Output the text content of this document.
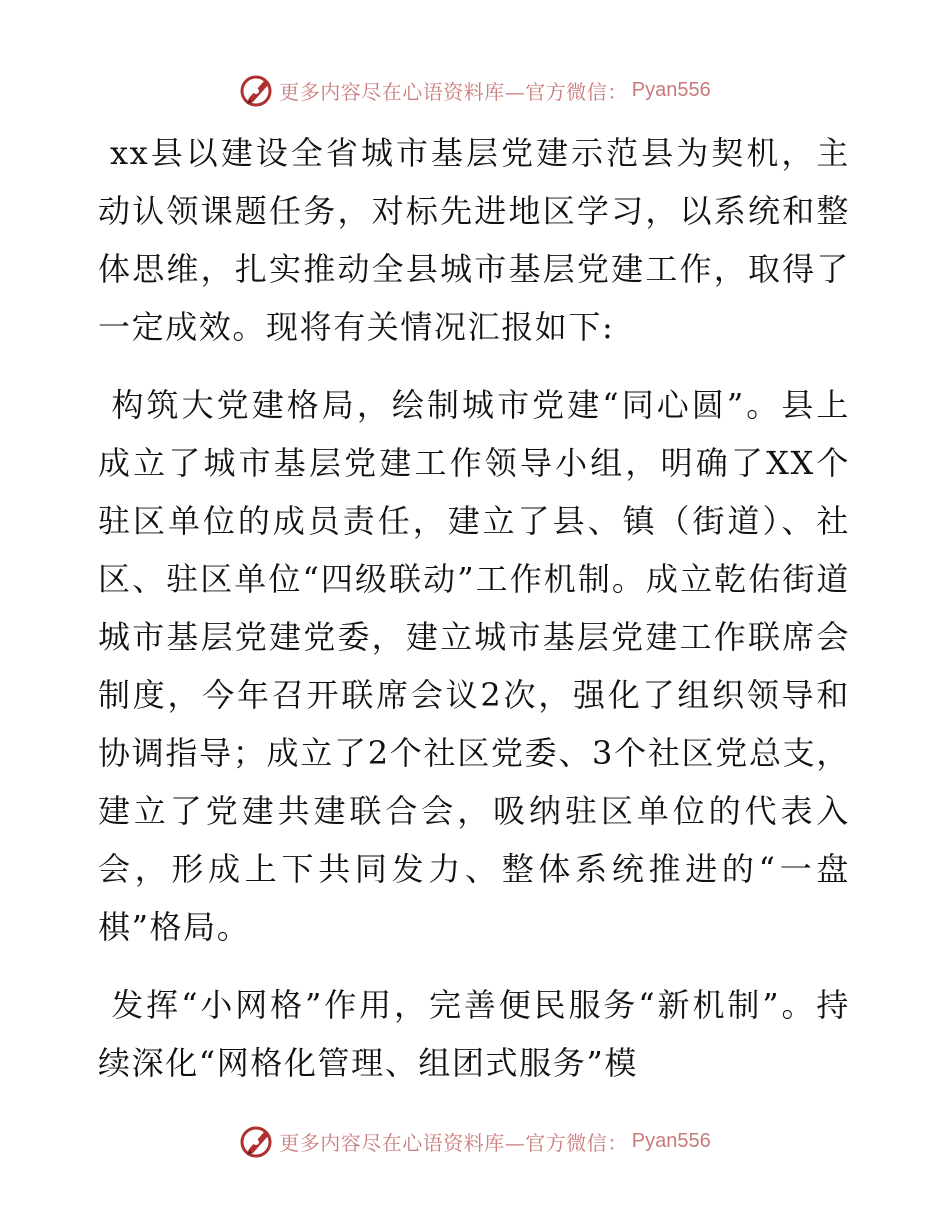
更多内容尽在心语资料库—官方微信： Pyan556

xx县以建设全省城市基层党建示范县为契机，主动认领课题任务，对标先进地区学习，以系统和整体思维，扎实推动全县城市基层党建工作，取得了一定成效。现将有关情况汇报如下:

构筑大党建格局，绘制城市党建“同心圆”。县上成立了城市基层党建工作领导小组，明确了XX个驻区单位的成员责任，建立了县、镇（街道）、社区、驻区单位“四级联动”工作机制。成立乾佑街道城市基层党建党委，建立城市基层党建工作联席会制度，今年召开联席会议2次，强化了组织领导和协调指导；成立了2个社区党委、3个社区党总支，建立了党建共建联合会，吸纳驻区单位的代表入会，形成上下共同发力、整体系统推进的“一盘棋”格局。

发挥“小网格”作用，完善便民服务“新机制”。持续深化“网格化管理、组团式服务”模

更多内容尽在心语资料库—官方微信： Pyan556
